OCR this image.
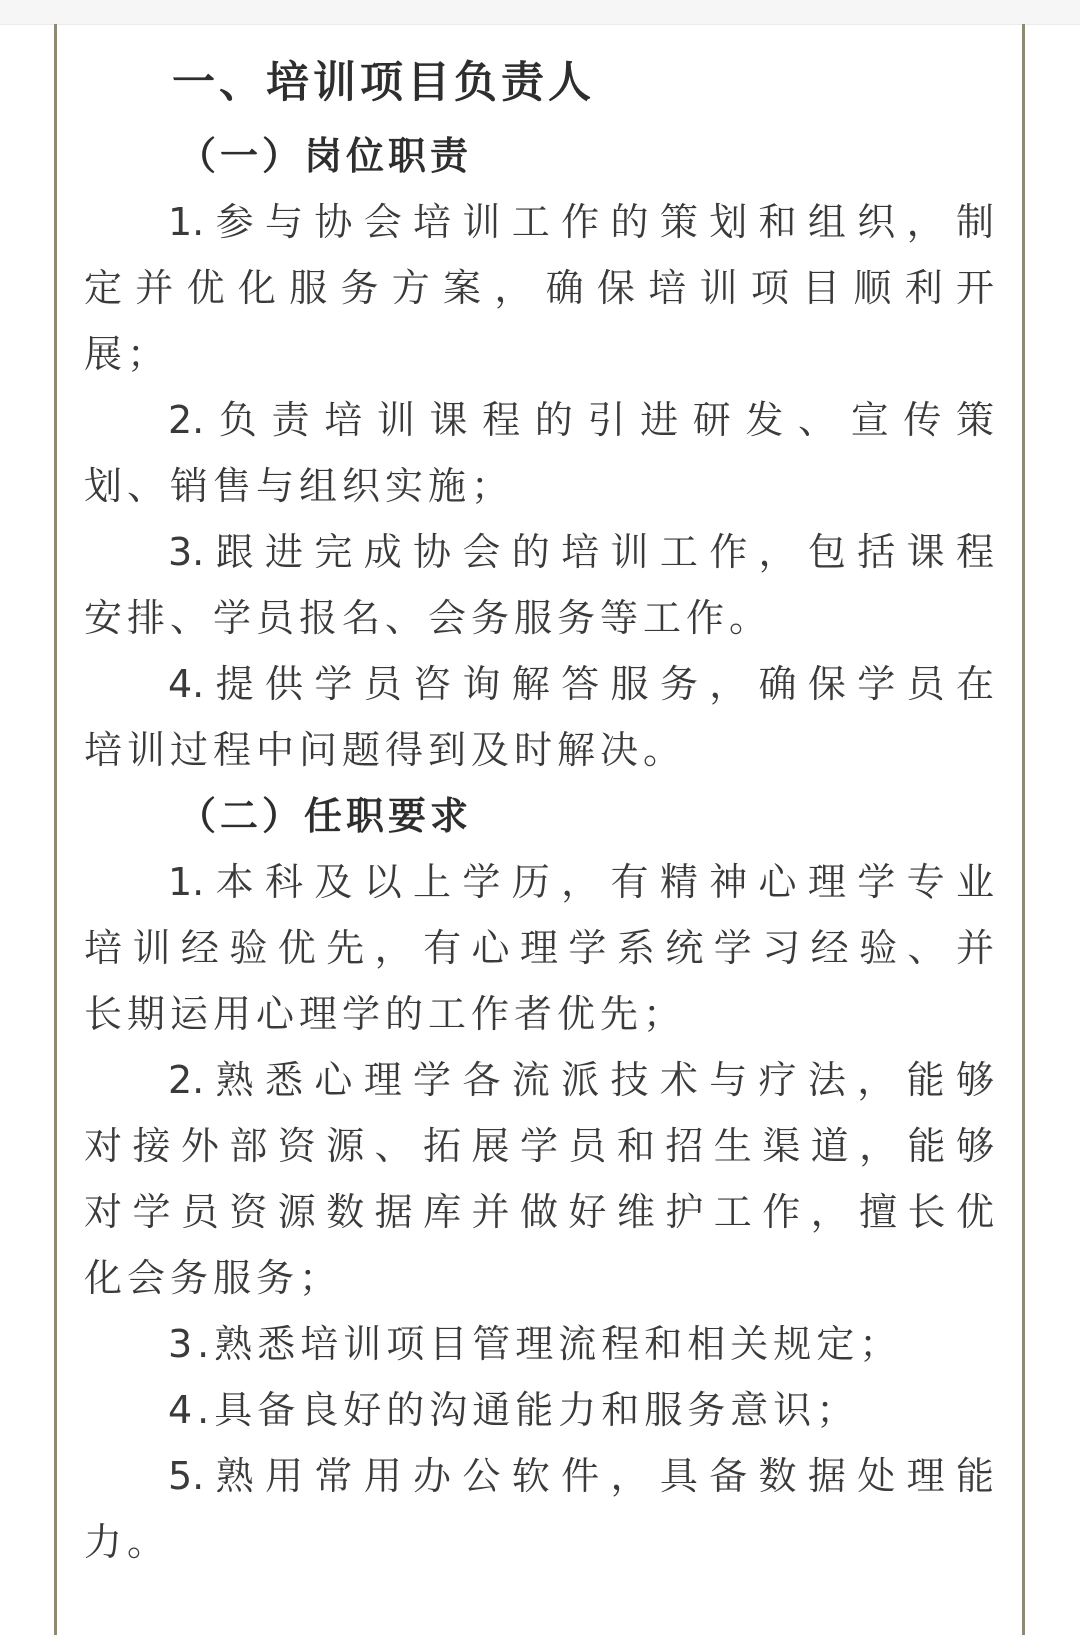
一、培训项目负责人
（一）岗位职责
1.参与协会培训工作的策划和组织，制
定并优化服务方案，确保培训项目顺利开
展；
2.负责培训课程的引进研发、宣传策
划、销售与组织实施；
3.跟进完成协会的培训工作，包括课程
安排、学员报名、会务服务等工作。
4.提供学员咨询解答服务，确保学员在
培训过程中问题得到及时解决。
（二）任职要求
1.本科及以上学历，有精神心理学专业
培训经验优先，有心理学系统学习经验、并
长期运用心理学的工作者优先；
2.熟悉心理学各流派技术与疗法，能够
对接外部资源、拓展学员和招生渠道，能够
对学员资源数据库并做好维护工作，擅长优
化会务服务；
3.熟悉培训项目管理流程和相关规定；
4.具备良好的沟通能力和服务意识；
5.熟用常用办公软件，具备数据处理能
力。
